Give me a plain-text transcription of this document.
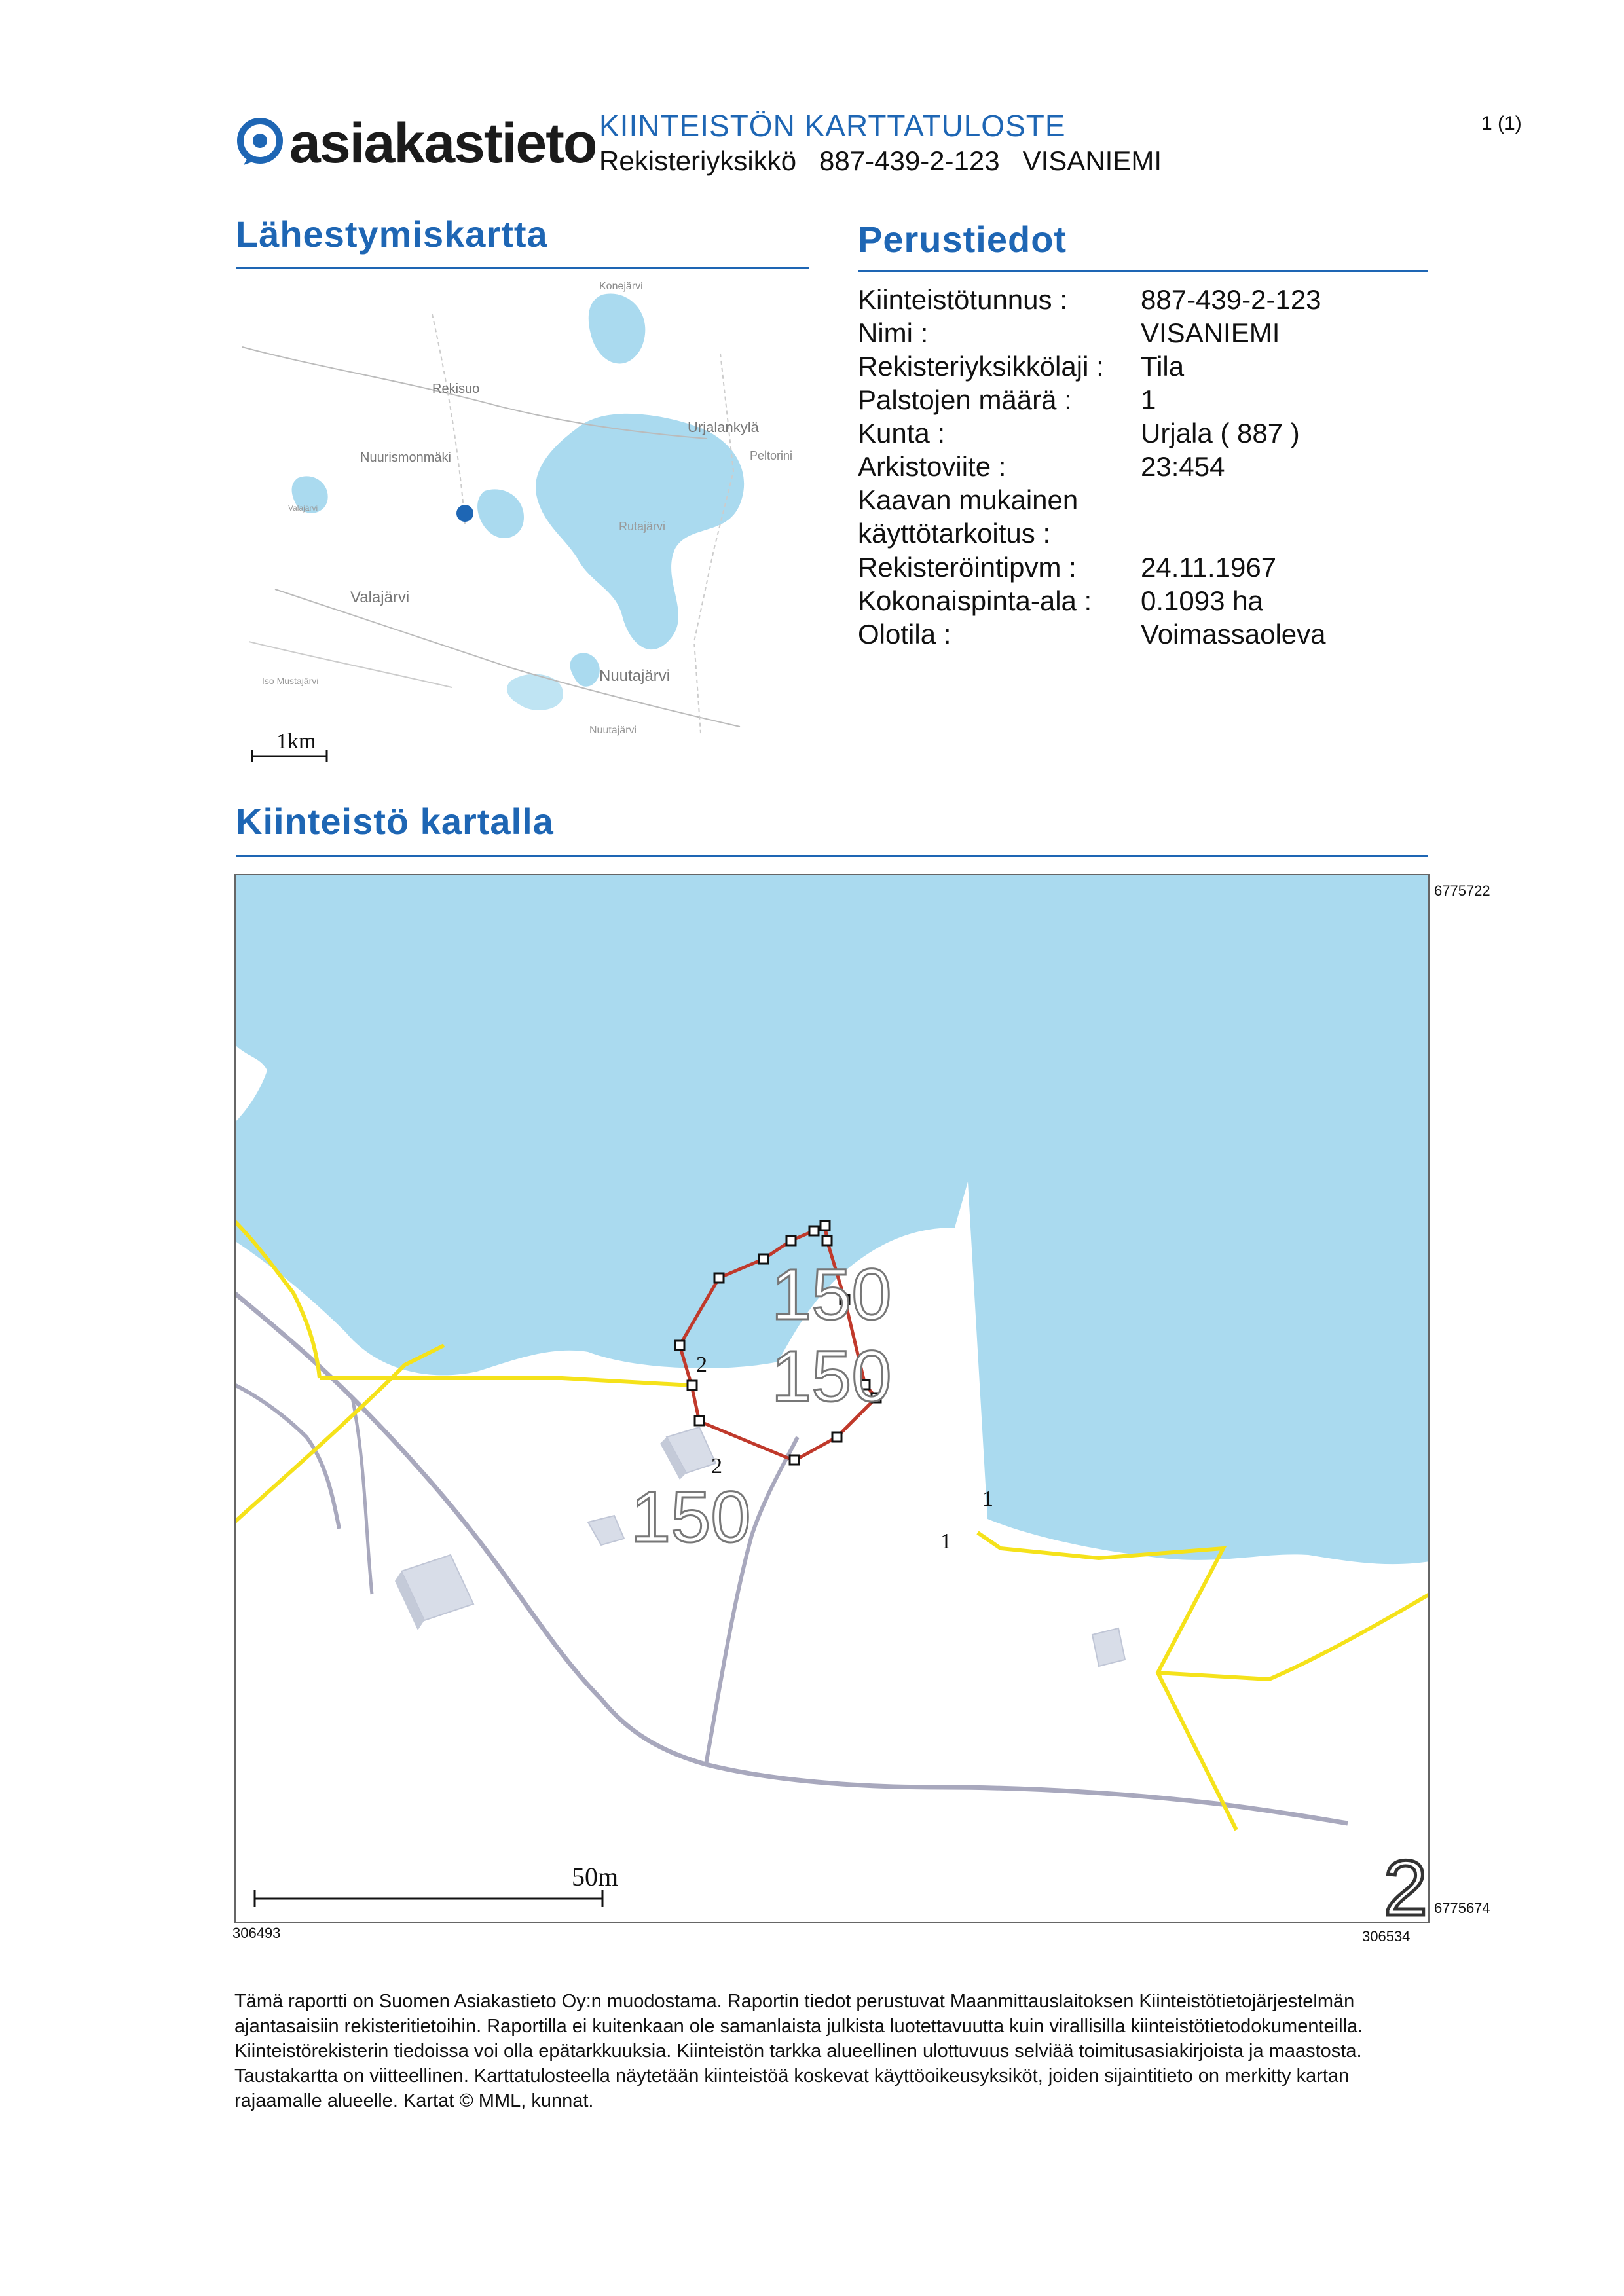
asiakastieto KIINTEISTÖN KARTTATULOSTE
Rekisteriyksikkö   887-439-2-123   VISANIEMI
1 (1)
Lähestymiskartta
Konejärvi
Rekisuo
Urjalankylä
Nuurismonmäki	Peltorini
Valajärvi
Rutajärvi
Valajärvi
Iso Mustajärvi	Nuutajärvi
Nuutajärvi
1km
Perustiedot
Kiinteistötunnus :	887-439-2-123
Nimi :	VISANIEMI
Rekisteriyksikkölaji : Tila
Palstojen määrä :	1
Kunta :	Urjala ( 887 )
Arkistoviite :	23:454
Kaavan mukainen
käyttötarkoitus :
Rekisteröintipvm : 24.11.1967
Kokonaispinta-ala : 0.1093 ha
Olotila :	Voimassaoleva
Kiinteistö kartalla
150
150
150
2
2
1
1
2
50m
6775722
6775674
306493	306534
Tämä raportti on Suomen Asiakastieto Oy:n muodostama. Raportin tiedot perustuvat Maanmittauslaitoksen Kiinteistötietojärjestelmän ajantasaisiin rekisteritietoihin. Raportilla ei kuitenkaan ole samanlaista julkista luotettavuutta kuin virallisilla kiinteistötietodokumenteilla. Kiinteistörekisterin tiedoissa voi olla epätarkkuuksia. Kiinteistön tarkka alueellinen ulottuvuus selviää toimitusasiakirjoista ja maastosta. Taustakartta on viitteellinen. Karttatulosteella näytetään kiinteistöä koskevat käyttöoikeusyksiköt, joiden sijaintitieto on merkitty kartan rajaamalle alueelle. Kartat © MML, kunnat.
